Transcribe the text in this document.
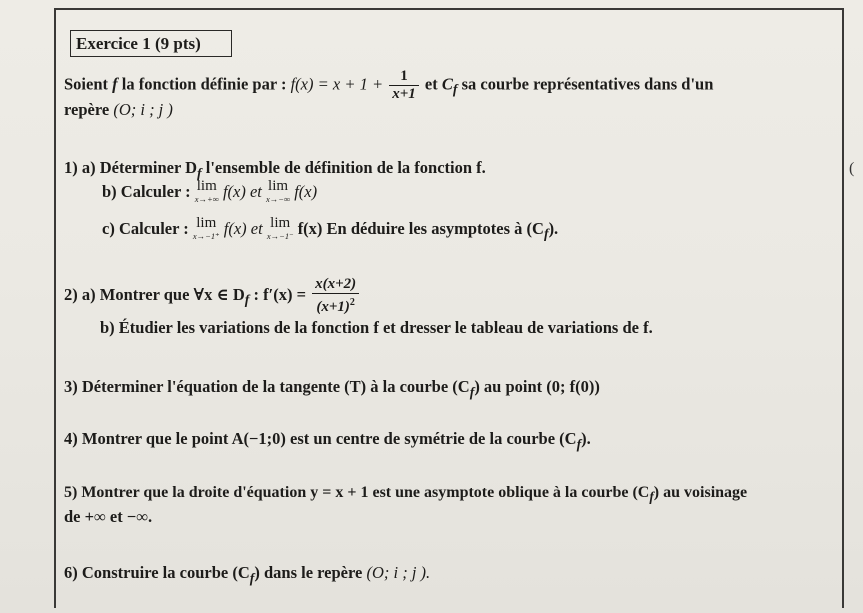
Exercice 1 (9 pts)
Soient f la fonction définie par : $f(x) = x + 1 + \frac{1}{x+1}$ et $C_f$ sa courbe représentatives dans d'un
repère (O; i ; j )
1) a) Déterminer $D_f$ l'ensemble de définition de la fonction f.
b) Calculer : lim
x→+∞ f(x) et lim
x→−∞ f(x)
c) Calculer : lim
x→−1⁺ f(x) et lim
x→−1⁻ f(x) En déduire les asymptotes à $(C_f)$.
2) a) Montrer que ∀x ∈ $D_f$ : $f'(x) = \frac{x(x+2)}{(x+1)^2}$
b) Étudier les variations de la fonction f et dresser le tableau de variations de f.
3) Déterminer l'équation de la tangente (T) à la courbe $(C_f)$ au point (0; f(0))
4) Montrer que le point A(−1;0) est un centre de symétrie de la courbe $(C_f)$.
5) Montrer que la droite d'équation y = x + 1 est une asymptote oblique à la courbe $(C_f)$ au voisinage
de +∞ et −∞.
6) Construire la courbe $(C_f)$ dans le repère (O; i ; j ).
(
